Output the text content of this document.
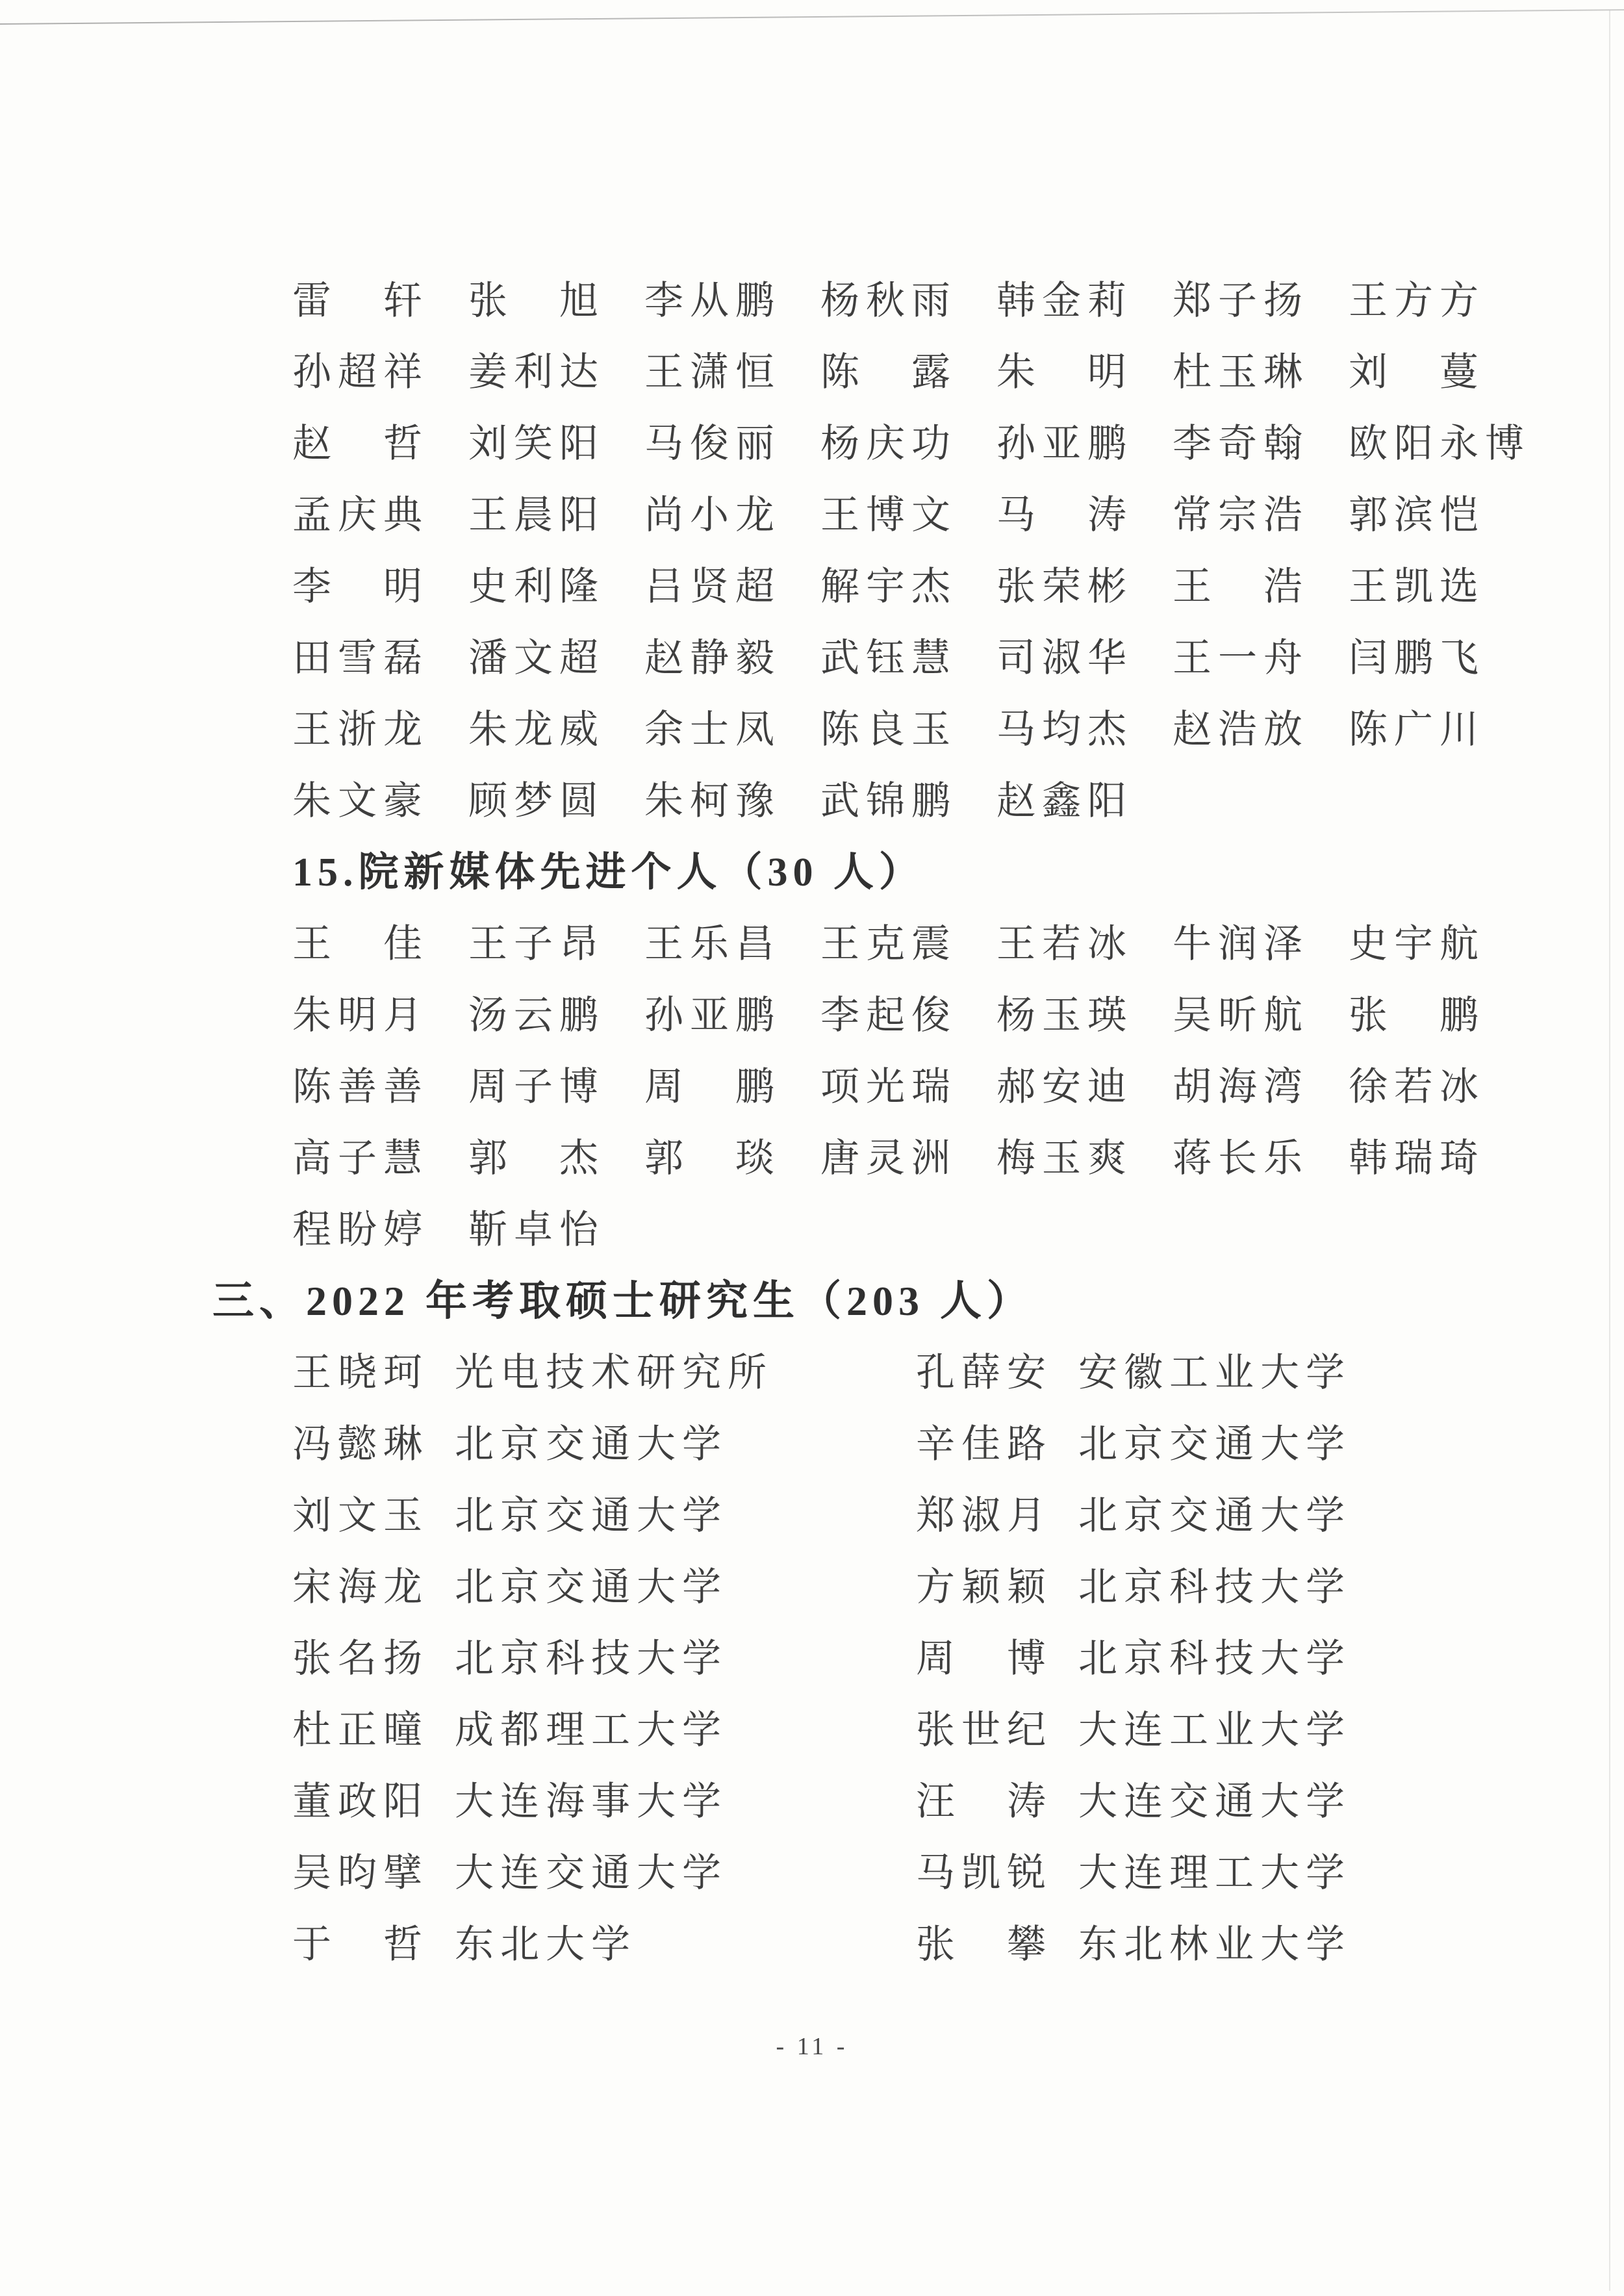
雷　轩 张　旭 李从鹏 杨秋雨 韩金莉 郑子扬 王方方
孙超祥 姜利达 王潇恒 陈　露 朱　明 杜玉琳 刘　蔓
赵　哲 刘笑阳 马俊丽 杨庆功 孙亚鹏 李奇翰 欧阳永博
孟庆典 王晨阳 尚小龙 王博文 马　涛 常宗浩 郭滨恺
李　明 史利隆 吕贤超 解宇杰 张荣彬 王　浩 王凯选
田雪磊 潘文超 赵静毅 武钰慧 司淑华 王一舟 闫鹏飞
王浙龙 朱龙威 余士凤 陈良玉 马均杰 赵浩放 陈广川
朱文豪 顾梦圆 朱柯豫 武锦鹏 赵鑫阳
15.院新媒体先进个人（30 人）
王　佳 王子昂 王乐昌 王克震 王若冰 牛润泽 史宇航
朱明月 汤云鹏 孙亚鹏 李起俊 杨玉瑛 吴昕航 张　鹏
陈善善 周子博 周　鹏 项光瑞 郝安迪 胡海湾 徐若冰
高子慧 郭　杰 郭　琰 唐灵洲 梅玉爽 蒋长乐 韩瑞琦
程盼婷 靳卓怡
三、2022 年考取硕士研究生（203 人）
王晓珂 光电技术研究所	孔薛安 安徽工业大学
冯懿琳 北京交通大学	辛佳路 北京交通大学
刘文玉 北京交通大学	郑淑月 北京交通大学
宋海龙 北京交通大学	方颖颖 北京科技大学
张名扬 北京科技大学	周　博 北京科技大学
杜正曈 成都理工大学	张世纪 大连工业大学
董政阳 大连海事大学	汪　涛 大连交通大学
吴昀擘 大连交通大学	马凯锐 大连理工大学
于　哲 东北大学	张　攀 东北林业大学
- 11 -
